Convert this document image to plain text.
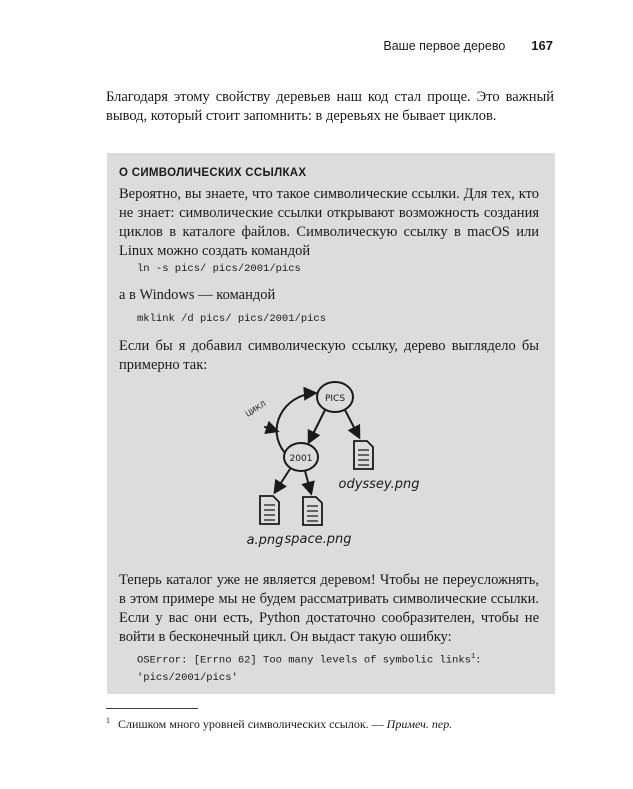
Ваше первое дерево 167

Благодаря этому свойству деревьев наш код стал проще. Это важный вывод, который стоит запомнить: в деревьях не бывает циклов.

О СИМВОЛИЧЕСКИХ ССЫЛКАХ

Вероятно, вы знаете, что такое символические ссылки. Для тех, кто не знает: символические ссылки открывают возможность создания циклов в каталоге файлов. Символическую ссылку в macOS или Linux можно создать командой

ln -s pics/ pics/2001/pics

а в Windows — командой

mklink /d pics/ pics/2001/pics

Если бы я добавил символическую ссылку, дерево выглядело бы примерно так:

PICS
2001
ЦИКЛ
odyssey.png
a.png space.png

Теперь каталог уже не является деревом! Чтобы не переусложнять, в этом примере мы не будем рассматривать символические ссылки. Если у вас они есть, Python достаточно сообразителен, чтобы не войти в бесконечный цикл. Он выдаст такую ошибку:

OSError: [Errno 62] Too many levels of symbolic links$^1$:
'pics/2001/pics'

$^1$ Слишком много уровней символических ссылок. — Примеч. пер.
